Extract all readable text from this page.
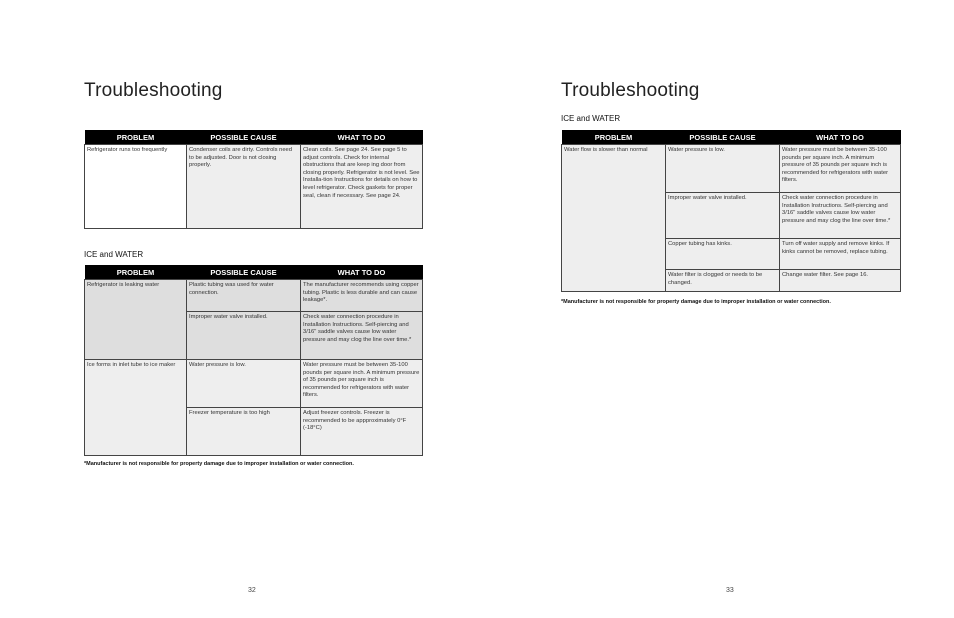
Troubleshooting
PROBLEM	POSSIBLE CAUSE	WHAT TO DO
Refrigerator runs too frequently	Condenser coils are dirty. Controls need to be adjusted. Door is not closing properly.	Clean coils. See page 24. See page 5 to adjust controls. Check for internal obstructions that are keep ing door from closing properly. Refrigerator is not level. See Installa-tion Instructions for details on how to level refrigerator. Check gaskets for proper seal, clean if necessary. See page 24.
ICE and WATER
PROBLEM	POSSIBLE CAUSE	WHAT TO DO
Refrigerator is leaking water	Plastic tubing was used for water connection.	The manufacturer recommends using copper tubing. Plastic is less durable and can cause leakage*.
	Improper water valve installed.	Check water connection procedure in Installation Instructions. Self-piercing and 3/16" saddle valves cause low water pressure and may clog the line over time.*
Ice forms in inlet tube to ice maker	Water pressure is low.	Water pressure must be between 35-100 pounds per square inch. A minimum pressure of 35 pounds per square inch is recommended for refrigerators with water filters.
	Freezer temperature is too high	Adjust freezer controls. Freezer is recommended to be appproximately 0°F (-18°C)
*Manufacturer is not responsible for property damage due to improper installation or water connection.
32
Troubleshooting
ICE and WATER
PROBLEM	POSSIBLE CAUSE	WHAT TO DO
Water flow is slower than normal	Water pressure is low.	Water pressure must be between 35-100 pounds per square inch. A minimum pressure of 35 pounds per square inch is recommended for refrigerators with water filters.
	Improper water valve installed.	Check water connection procedure in Installation Instructions. Self-piercing and 3/16" saddle valves cause low water pressure and may clog the line over time.*
	Copper tubing has kinks.	Turn off water supply and remove kinks. If kinks cannot be removed, replace tubing.
	Water filter is clogged or needs to be changed.	Change water filter. See page 16.
*Manufacturer is not responsible for property damage due to improper installation or water connection.
33
